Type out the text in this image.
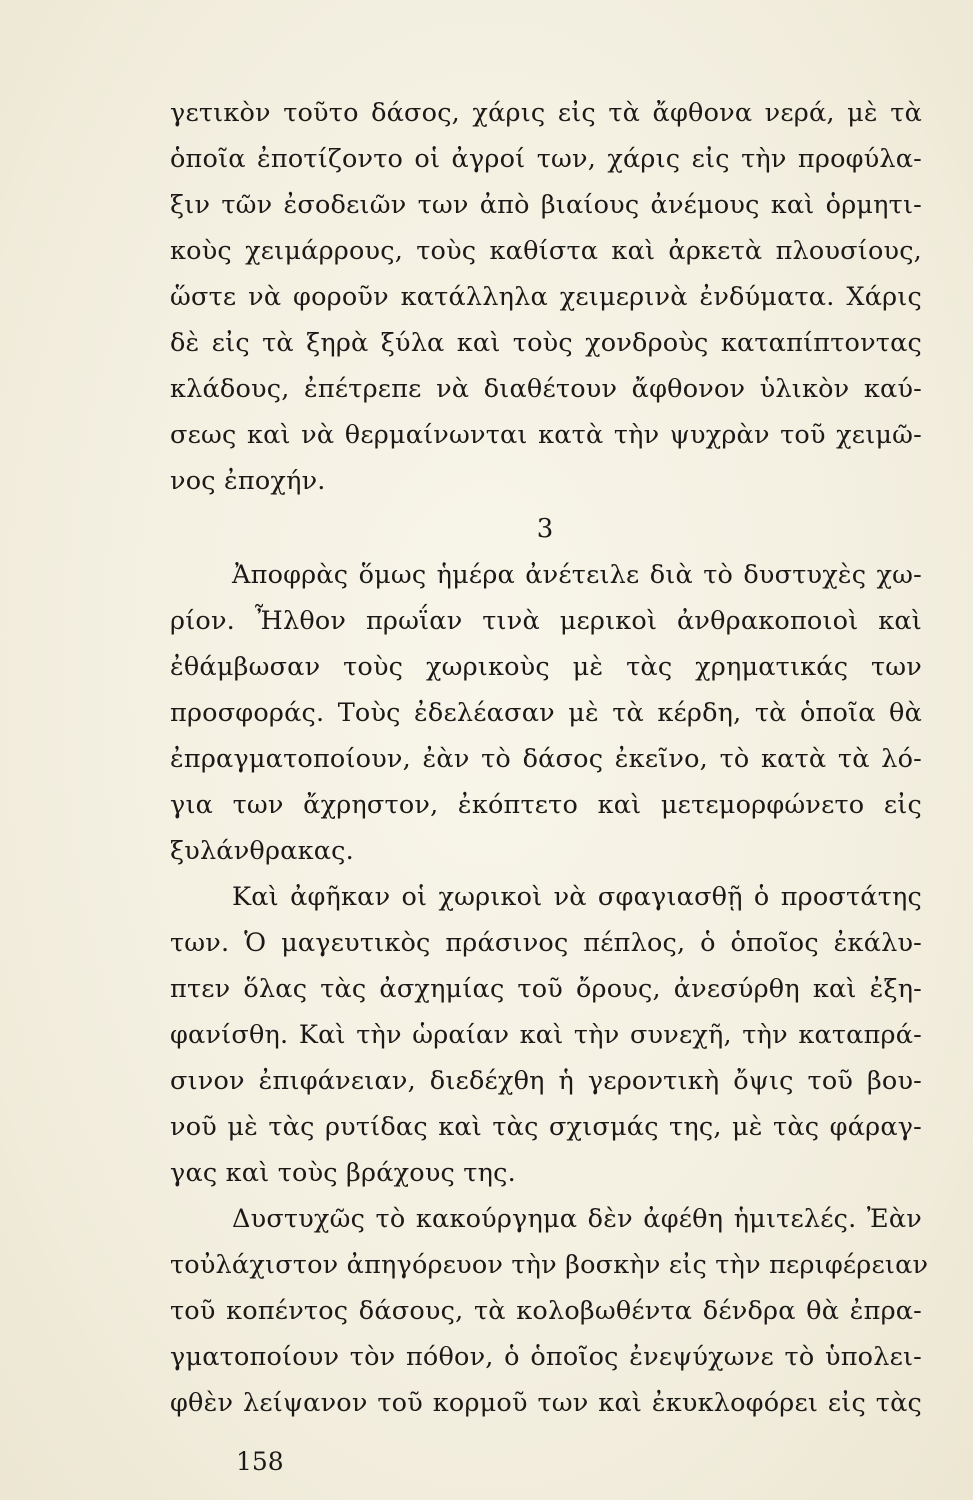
γετικὸν τοῦτο δάσος, χάρις εἰς τὰ ἄφθονα νερά, μὲ τὰ
ὁποῖα ἐποτίζοντο οἱ ἀγροί των, χάρις εἰς τὴν προφύλα-
ξιν τῶν ἐσοδειῶν των ἀπὸ βιαίους ἀνέμους καὶ ὁρμητι-
κοὺς χειμάρρους, τοὺς καθίστα καὶ ἀρκετὰ πλουσίους,
ὥστε νὰ φοροῦν κατάλληλα χειμερινὰ ἐνδύματα. Χάρις
δὲ εἰς τὰ ξηρὰ ξύλα καὶ τοὺς χονδροὺς καταπίπτοντας
κλάδους, ἐπέτρεπε νὰ διαθέτουν ἄφθονον ὑλικὸν καύ-
σεως καὶ νὰ θερμαίνωνται κατὰ τὴν ψυχρὰν τοῦ χειμῶ-
νος ἐποχήν.
3
Ἀποφρὰς ὅμως ἡμέρα ἀνέτειλε διὰ τὸ δυστυχὲς χω-
ρίον. Ἦλθον πρωΐαν τινὰ μερικοὶ ἀνθρακοποιοὶ καὶ
ἐθάμβωσαν τοὺς χωρικοὺς μὲ τὰς χρηματικάς των
προσφοράς. Τοὺς ἐδελέασαν μὲ τὰ κέρδη, τὰ ὁποῖα θὰ
ἐπραγματοποίουν, ἐὰν τὸ δάσος ἐκεῖνο, τὸ κατὰ τὰ λό-
για των ἄχρηστον, ἐκόπτετο καὶ μετεμορφώνετο εἰς
ξυλάνθρακας.
Καὶ ἀφῆκαν οἱ χωρικοὶ νὰ σφαγιασθῇ ὁ προστάτης
των. Ὁ μαγευτικὸς πράσινος πέπλος, ὁ ὁποῖος ἐκάλυ-
πτεν ὅλας τὰς ἀσχημίας τοῦ ὄρους, ἀνεσύρθη καὶ ἐξη-
φανίσθη. Καὶ τὴν ὡραίαν καὶ τὴν συνεχῆ, τὴν καταπρά-
σινον ἐπιφάνειαν, διεδέχθη ἡ γεροντικὴ ὄψις τοῦ βου-
νοῦ μὲ τὰς ρυτίδας καὶ τὰς σχισμάς της, μὲ τὰς φάραγ-
γας καὶ τοὺς βράχους της.
Δυστυχῶς τὸ κακούργημα δὲν ἀφέθη ἡμιτελές. Ἐὰν
τοὐλάχιστον ἀπηγόρευον τὴν βοσκὴν εἰς τὴν περιφέρειαν
τοῦ κοπέντος δάσους, τὰ κολοβωθέντα δένδρα θὰ ἐπρα-
γματοποίουν τὸν πόθον, ὁ ὁποῖος ἐνεψύχωνε τὸ ὑπολει-
φθὲν λείψανον τοῦ κορμοῦ των καὶ ἐκυκλοφόρει εἰς τὰς
158
